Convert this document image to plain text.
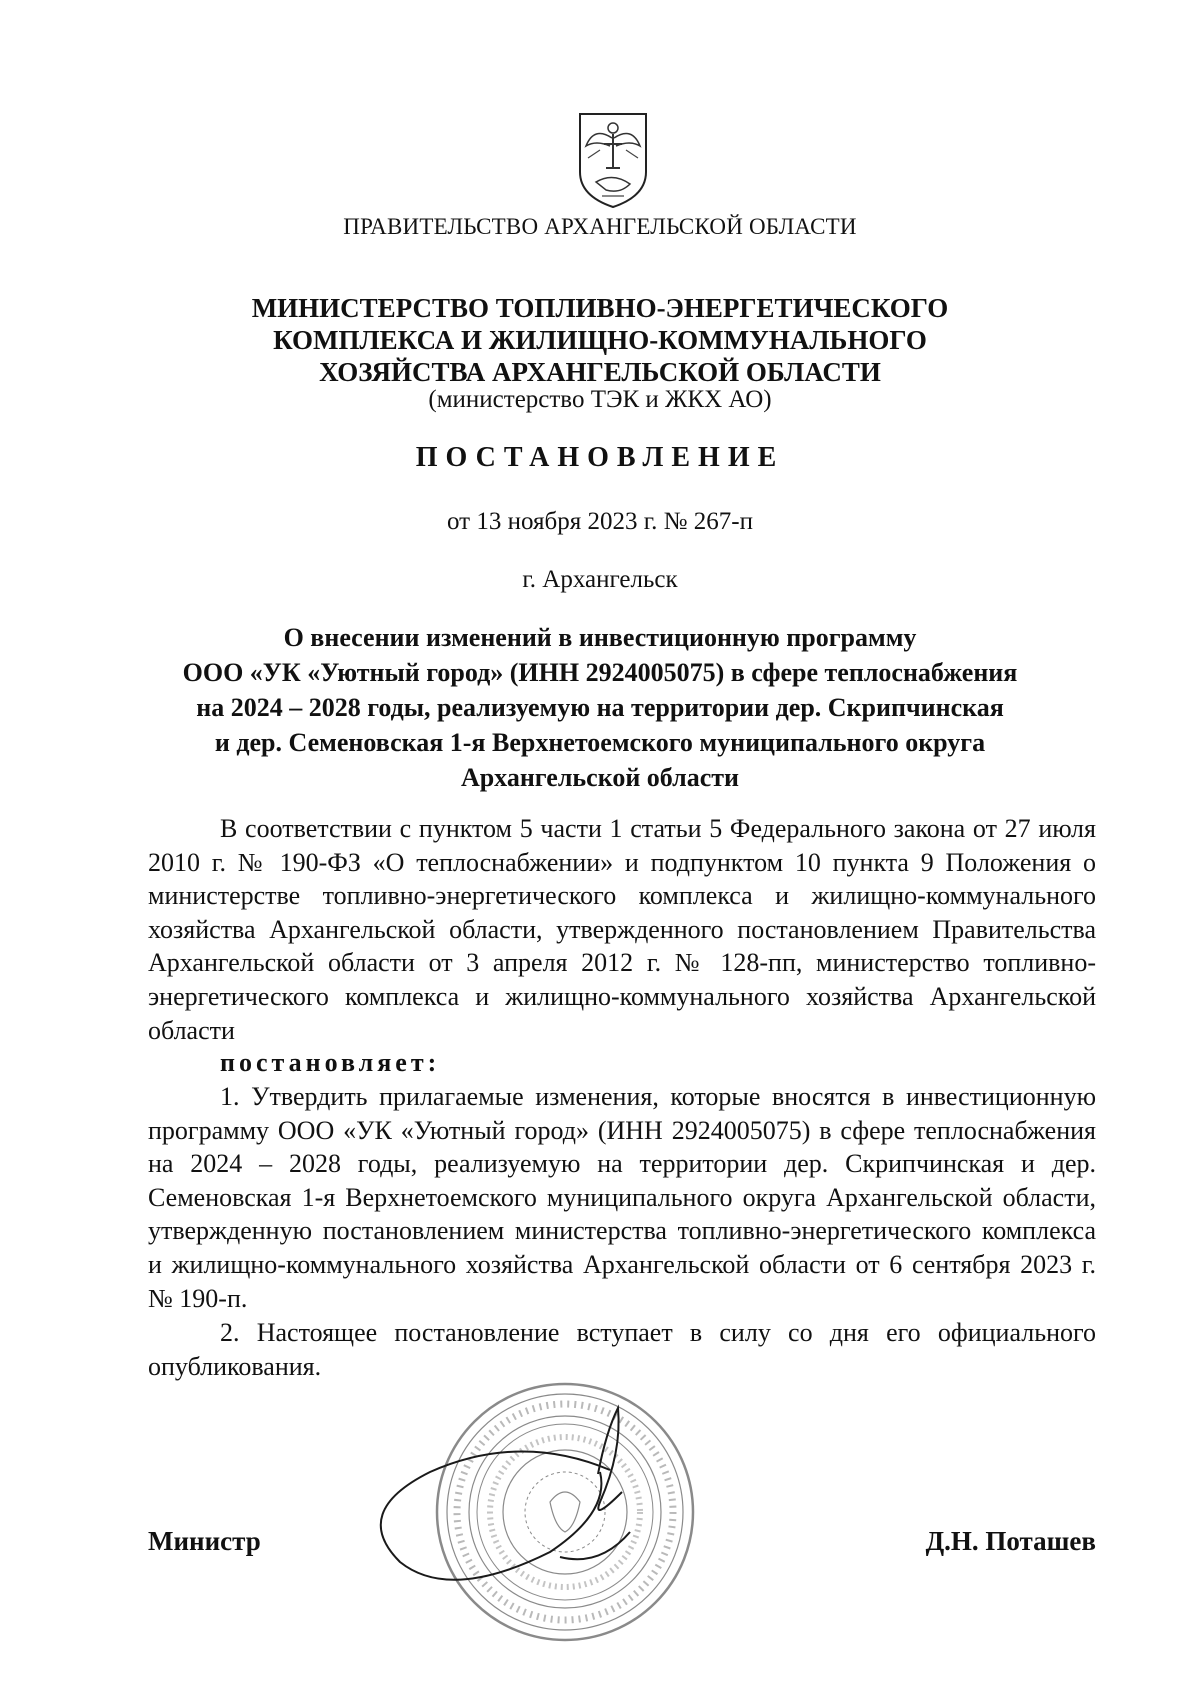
ПРАВИТЕЛЬСТВО АРХАНГЕЛЬСКОЙ ОБЛАСТИ
МИНИСТЕРСТВО ТОПЛИВНО-ЭНЕРГЕТИЧЕСКОГО
КОМПЛЕКСА И ЖИЛИЩНО-КОММУНАЛЬНОГО
ХОЗЯЙСТВА АРХАНГЕЛЬСКОЙ ОБЛАСТИ
(министерство ТЭК и ЖКХ АО)
ПОСТАНОВЛЕНИЕ
от 13 ноября 2023 г. № 267-п
г. Архангельск
О внесении изменений в инвестиционную программу
ООО «УК «Уютный город» (ИНН 2924005075) в сфере теплоснабжения
на 2024 – 2028 годы, реализуемую на территории дер. Скрипчинская
и дер. Семеновская 1-я Верхнетоемского муниципального округа
Архангельской области
В соответствии с пунктом 5 части 1 статьи 5 Федерального закона от 27 июля 2010 г. № 190-ФЗ «О теплоснабжении» и подпунктом 10 пункта 9 Положения о министерстве топливно-энергетического комплекса и жилищно-коммунального хозяйства Архангельской области, утвержденного постановлением Правительства Архангельской области от 3 апреля 2012 г. № 128-пп, министерство топливно-энергетического комплекса и жилищно-коммунального хозяйства Архангельской области
постановляет:
1. Утвердить прилагаемые изменения, которые вносятся в инвестиционную программу ООО «УК «Уютный город» (ИНН 2924005075) в сфере теплоснабжения на 2024 – 2028 годы, реализуемую на территории дер. Скрипчинская и дер. Семеновская 1-я Верхнетоемского муниципального округа Архангельской области, утвержденную постановлением министерства топливно-энергетического комплекса и жилищно-коммунального хозяйства Архангельской области от 6 сентября 2023 г. № 190-п.
2. Настоящее постановление вступает в силу со дня его официального опубликования.
Министр	Д.Н. Поташев
